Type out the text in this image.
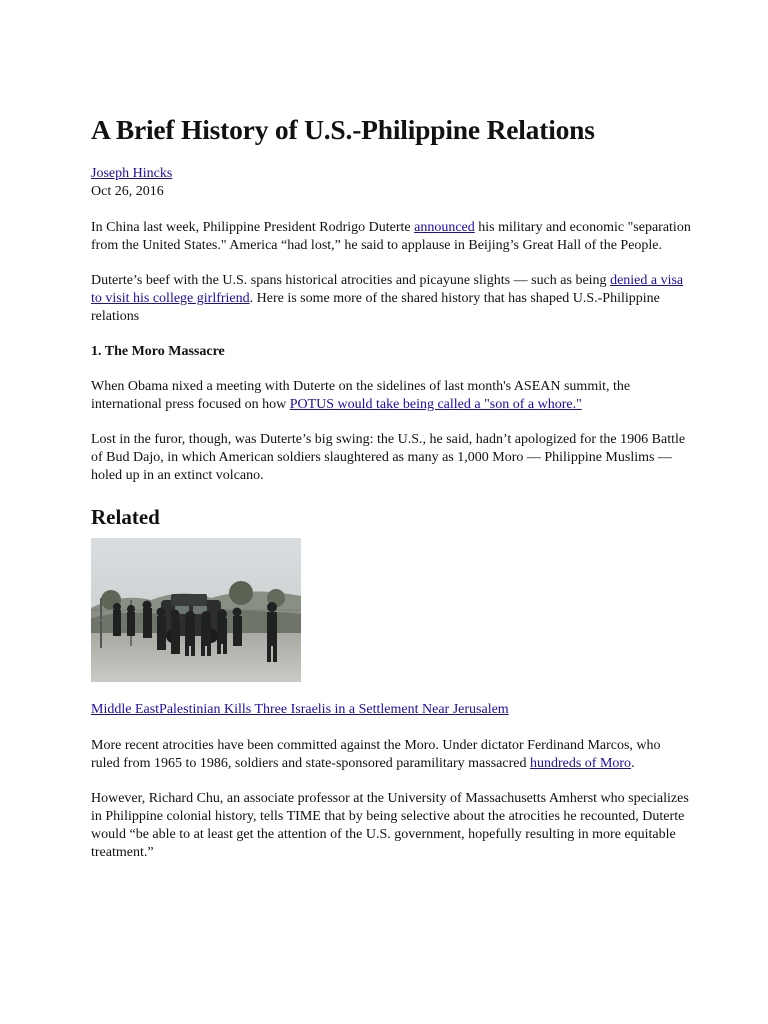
A Brief History of U.S.-Philippine Relations
Joseph Hincks
Oct 26, 2016

In China last week, Philippine President Rodrigo Duterte announced his military and economic "separation from the United States." America “had lost,” he said to applause in Beijing’s Great Hall of the People.

Duterte’s beef with the U.S. spans historical atrocities and picayune slights — such as being denied a visa to visit his college girlfriend. Here is some more of the shared history that has shaped U.S.-Philippine relations

1. The Moro Massacre

When Obama nixed a meeting with Duterte on the sidelines of last month's ASEAN summit, the international press focused on how POTUS would take being called a "son of a whore."

Lost in the furor, though, was Duterte’s big swing: the U.S., he said, hadn’t apologized for the 1906 Battle of Bud Dajo, in which American soldiers slaughtered as many as 1,000 Moro — Philippine Muslims — holed up in an extinct volcano.

Related
Middle EastPalestinian Kills Three Israelis in a Settlement Near Jerusalem

More recent atrocities have been committed against the Moro. Under dictator Ferdinand Marcos, who ruled from 1965 to 1986, soldiers and state-sponsored paramilitary massacred hundreds of Moro.

However, Richard Chu, an associate professor at the University of Massachusetts Amherst who specializes in Philippine colonial history, tells TIME that by being selective about the atrocities he recounted, Duterte would “be able to at least get the attention of the U.S. government, hopefully resulting in more equitable treatment.”
